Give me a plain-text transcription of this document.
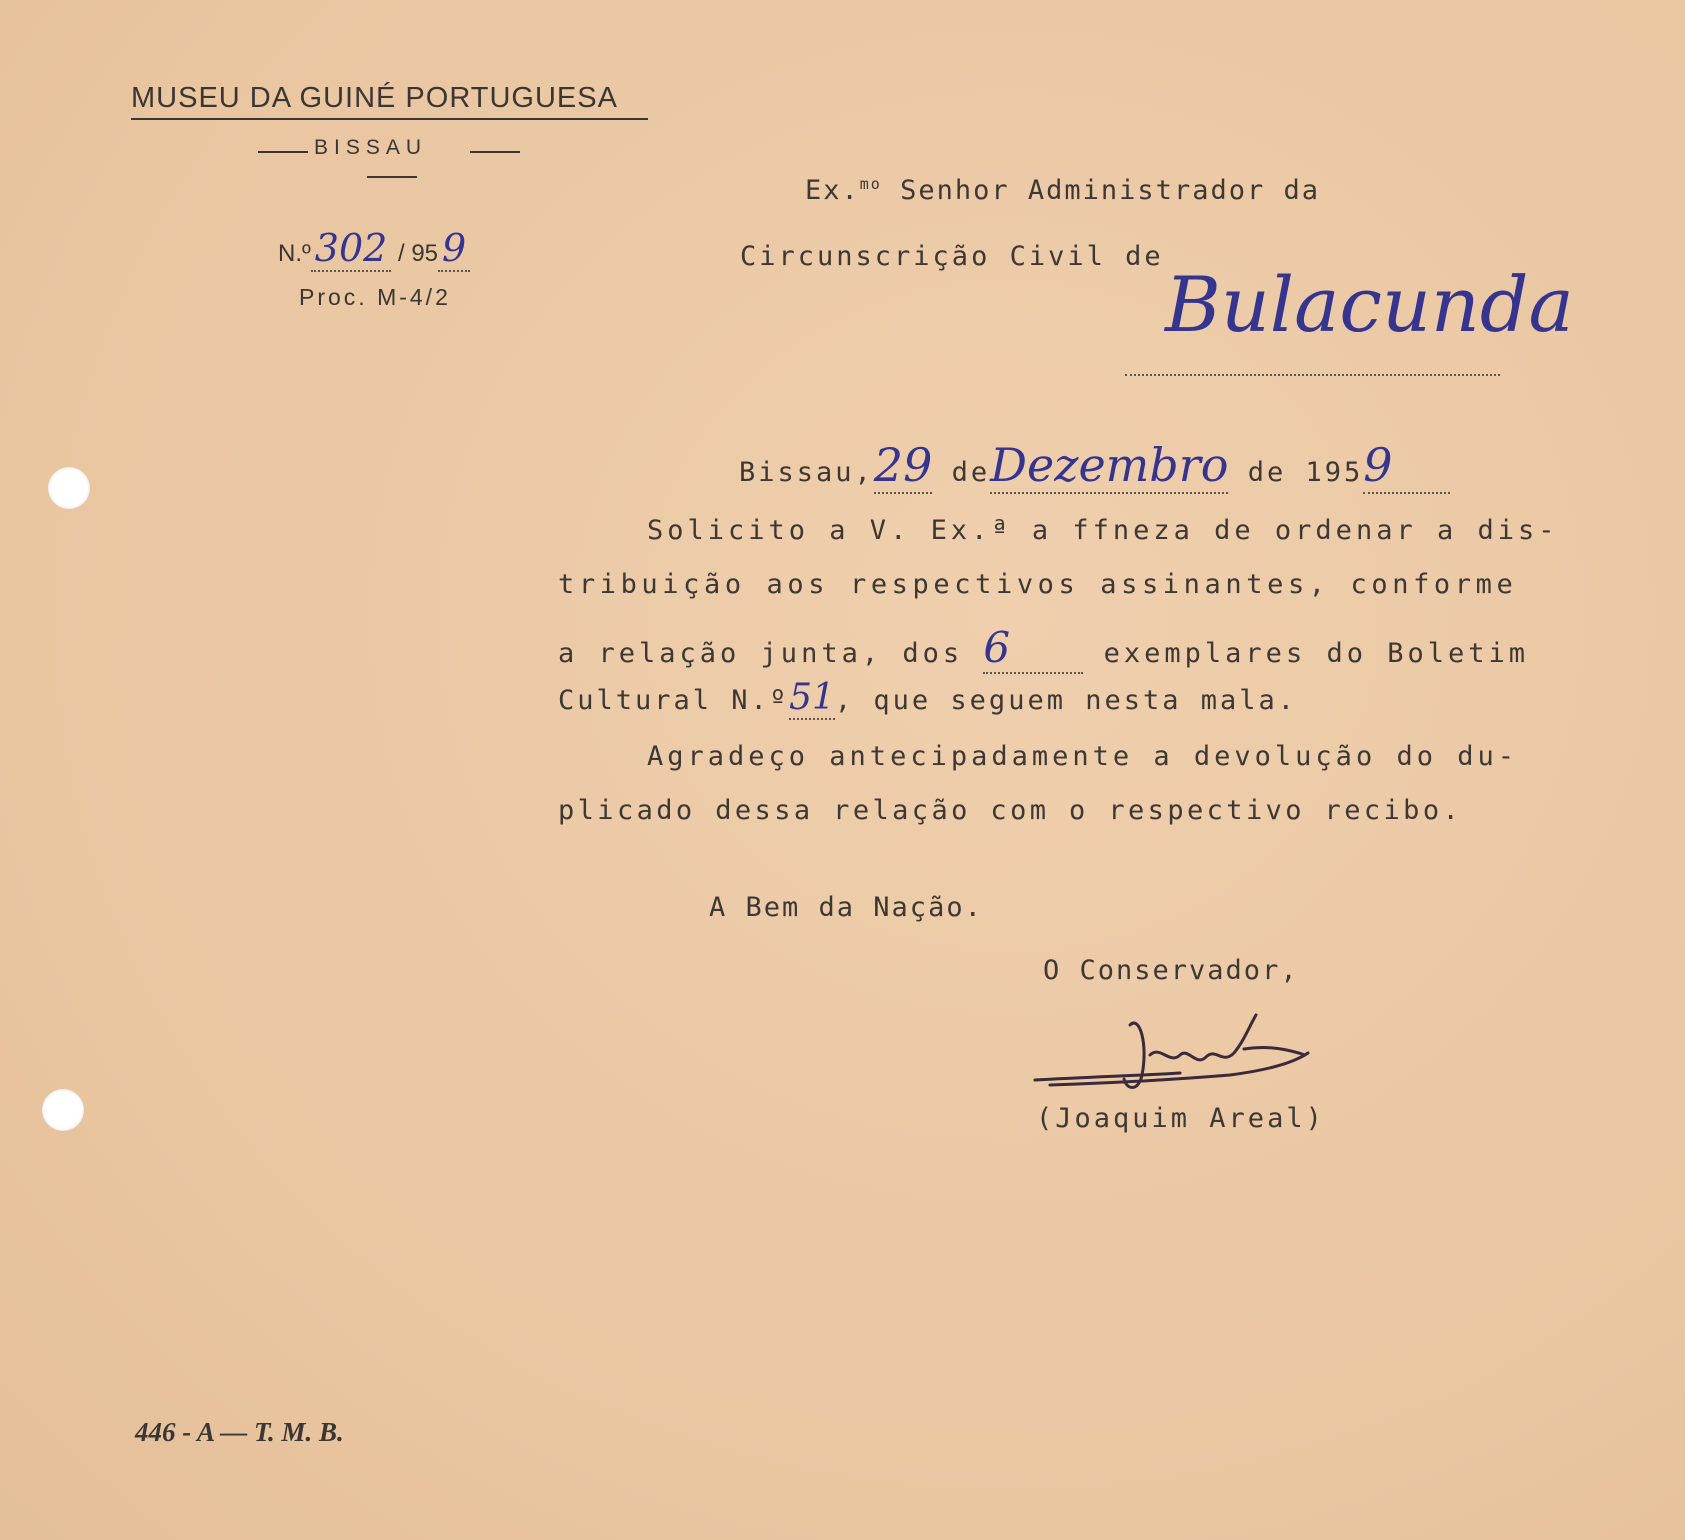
MUSEU DA GUINÉ PORTUGUESA
BISSAU
N.º 302 / 95 9
Proc. M-4/2
Ex.$^{mo}$ Senhor Administrador da
Circunscrição Civil de
Bulacunda
Bissau,29 deDezembro de 1959
Solicito a V. Ex.ª a ffneza de ordenar a dis-
tribuição aos respectivos assinantes, conforme
a relação junta, dos 6	exemplares do Boletim
Cultural N.º51, que seguem nesta mala.
Agradeço antecipadamente a devolução do du-
plicado dessa relação com o respectivo recibo.
A Bem da Nação.
O Conservador,
(Joaquim Areal)
446 - A — T. M. B.
